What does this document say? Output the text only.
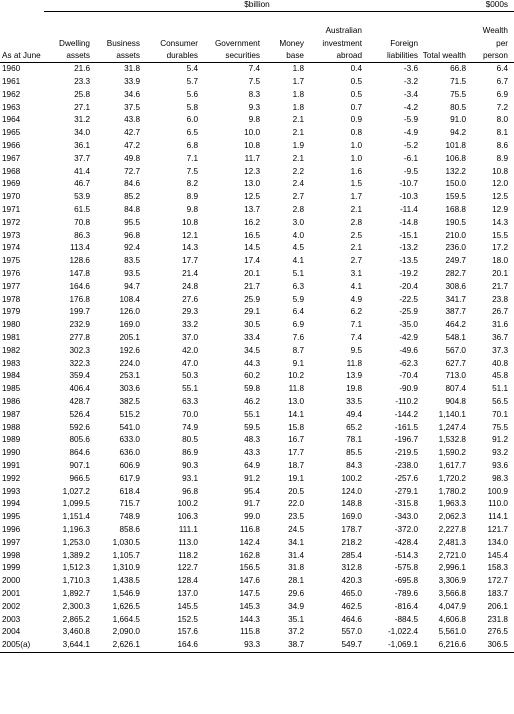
	$billion								$000s
As at June	Dwelling assets	Business assets	Consumer durables	Government securities	Money base	Australian investment abroad	Foreign liabilities	Total wealth	Wealth per person
1960	21.6	31.8	5.4	7.4	1.8	0.4	-3.6	66.8	6.4
1961	23.3	33.9	5.7	7.5	1.7	0.5	-3.2	71.5	6.7
1962	25.8	34.6	5.6	8.3	1.8	0.5	-3.4	75.5	6.9
1963	27.1	37.5	5.8	9.3	1.8	0.7	-4.2	80.5	7.2
1964	31.2	43.8	6.0	9.8	2.1	0.9	-5.9	91.0	8.0
1965	34.0	42.7	6.5	10.0	2.1	0.8	-4.9	94.2	8.1
1966	36.1	47.2	6.8	10.8	1.9	1.0	-5.2	101.8	8.6
1967	37.7	49.8	7.1	11.7	2.1	1.0	-6.1	106.8	8.9
1968	41.4	72.7	7.5	12.3	2.2	1.6	-9.5	132.2	10.8
1969	46.7	84.6	8.2	13.0	2.4	1.5	-10.7	150.0	12.0
1970	53.9	85.2	8.9	12.5	2.7	1.7	-10.3	159.5	12.5
1971	61.5	84.8	9.8	13.7	2.8	2.1	-11.4	168.8	12.9
1972	70.8	95.5	10.8	16.2	3.0	2.8	-14.8	190.5	14.3
1973	86.3	96.8	12.1	16.5	4.0	2.5	-15.1	210.0	15.5
1974	113.4	92.4	14.3	14.5	4.5	2.1	-13.2	236.0	17.2
1975	128.6	83.5	17.7	17.4	4.1	2.7	-13.5	249.7	18.0
1976	147.8	93.5	21.4	20.1	5.1	3.1	-19.2	282.7	20.1
1977	164.6	94.7	24.8	21.7	6.3	4.1	-20.4	308.6	21.7
1978	176.8	108.4	27.6	25.9	5.9	4.9	-22.5	341.7	23.8
1979	199.7	126.0	29.3	29.1	6.4	6.2	-25.9	387.7	26.7
1980	232.9	169.0	33.2	30.5	6.9	7.1	-35.0	464.2	31.6
1981	277.8	205.1	37.0	33.4	7.6	7.4	-42.9	548.1	36.7
1982	302.3	192.6	42.0	34.5	8.7	9.5	-49.6	567.0	37.3
1983	322.3	224.0	47.0	44.3	9.1	11.8	-62.3	627.7	40.8
1984	359.4	253.1	50.3	60.2	10.2	13.9	-70.4	713.0	45.8
1985	406.4	303.6	55.1	59.8	11.8	19.8	-90.9	807.4	51.1
1986	428.7	382.5	63.3	46.2	13.0	33.5	-110.2	904.8	56.5
1987	526.4	515.2	70.0	55.1	14.1	49.4	-144.2	1,140.1	70.1
1988	592.6	541.0	74.9	59.5	15.8	65.2	-161.5	1,247.4	75.5
1989	805.6	633.0	80.5	48.3	16.7	78.1	-196.7	1,532.8	91.2
1990	864.6	636.0	86.9	43.3	17.7	85.5	-219.5	1,590.2	93.2
1991	907.1	606.9	90.3	64.9	18.7	84.3	-238.0	1,617.7	93.6
1992	966.5	617.9	93.1	91.2	19.1	100.2	-257.6	1,720.2	98.3
1993	1,027.2	618.4	96.8	95.4	20.5	124.0	-279.1	1,780.2	100.9
1994	1,099.5	715.7	100.2	91.7	22.0	148.8	-315.8	1,963.3	110.0
1995	1,151.4	748.9	106.3	99.0	23.5	169.0	-343.0	2,062.3	114.1
1996	1,196.3	858.6	111.1	116.8	24.5	178.7	-372.0	2,227.8	121.7
1997	1,253.0	1,030.5	113.0	142.4	34.1	218.2	-428.4	2,481.3	134.0
1998	1,389.2	1,105.7	118.2	162.8	31.4	285.4	-514.3	2,721.0	145.4
1999	1,512.3	1,310.9	122.7	156.5	31.8	312.8	-575.8	2,996.1	158.3
2000	1,710.3	1,438.5	128.4	147.6	28.1	420.3	-695.8	3,306.9	172.7
2001	1,892.7	1,546.9	137.0	147.5	29.6	465.0	-789.6	3,566.8	183.7
2002	2,300.3	1,626.5	145.5	145.3	34.9	462.5	-816.4	4,047.9	206.1
2003	2,865.2	1,664.5	152.5	144.3	35.1	464.6	-884.5	4,606.8	231.8
2004	3,460.8	2,090.0	157.6	115.8	37.2	557.0	-1,022.4	5,561.0	276.5
2005(a)	3,644.1	2,626.1	164.6	93.3	38.7	549.7	-1,069.1	6,216.6	306.5
